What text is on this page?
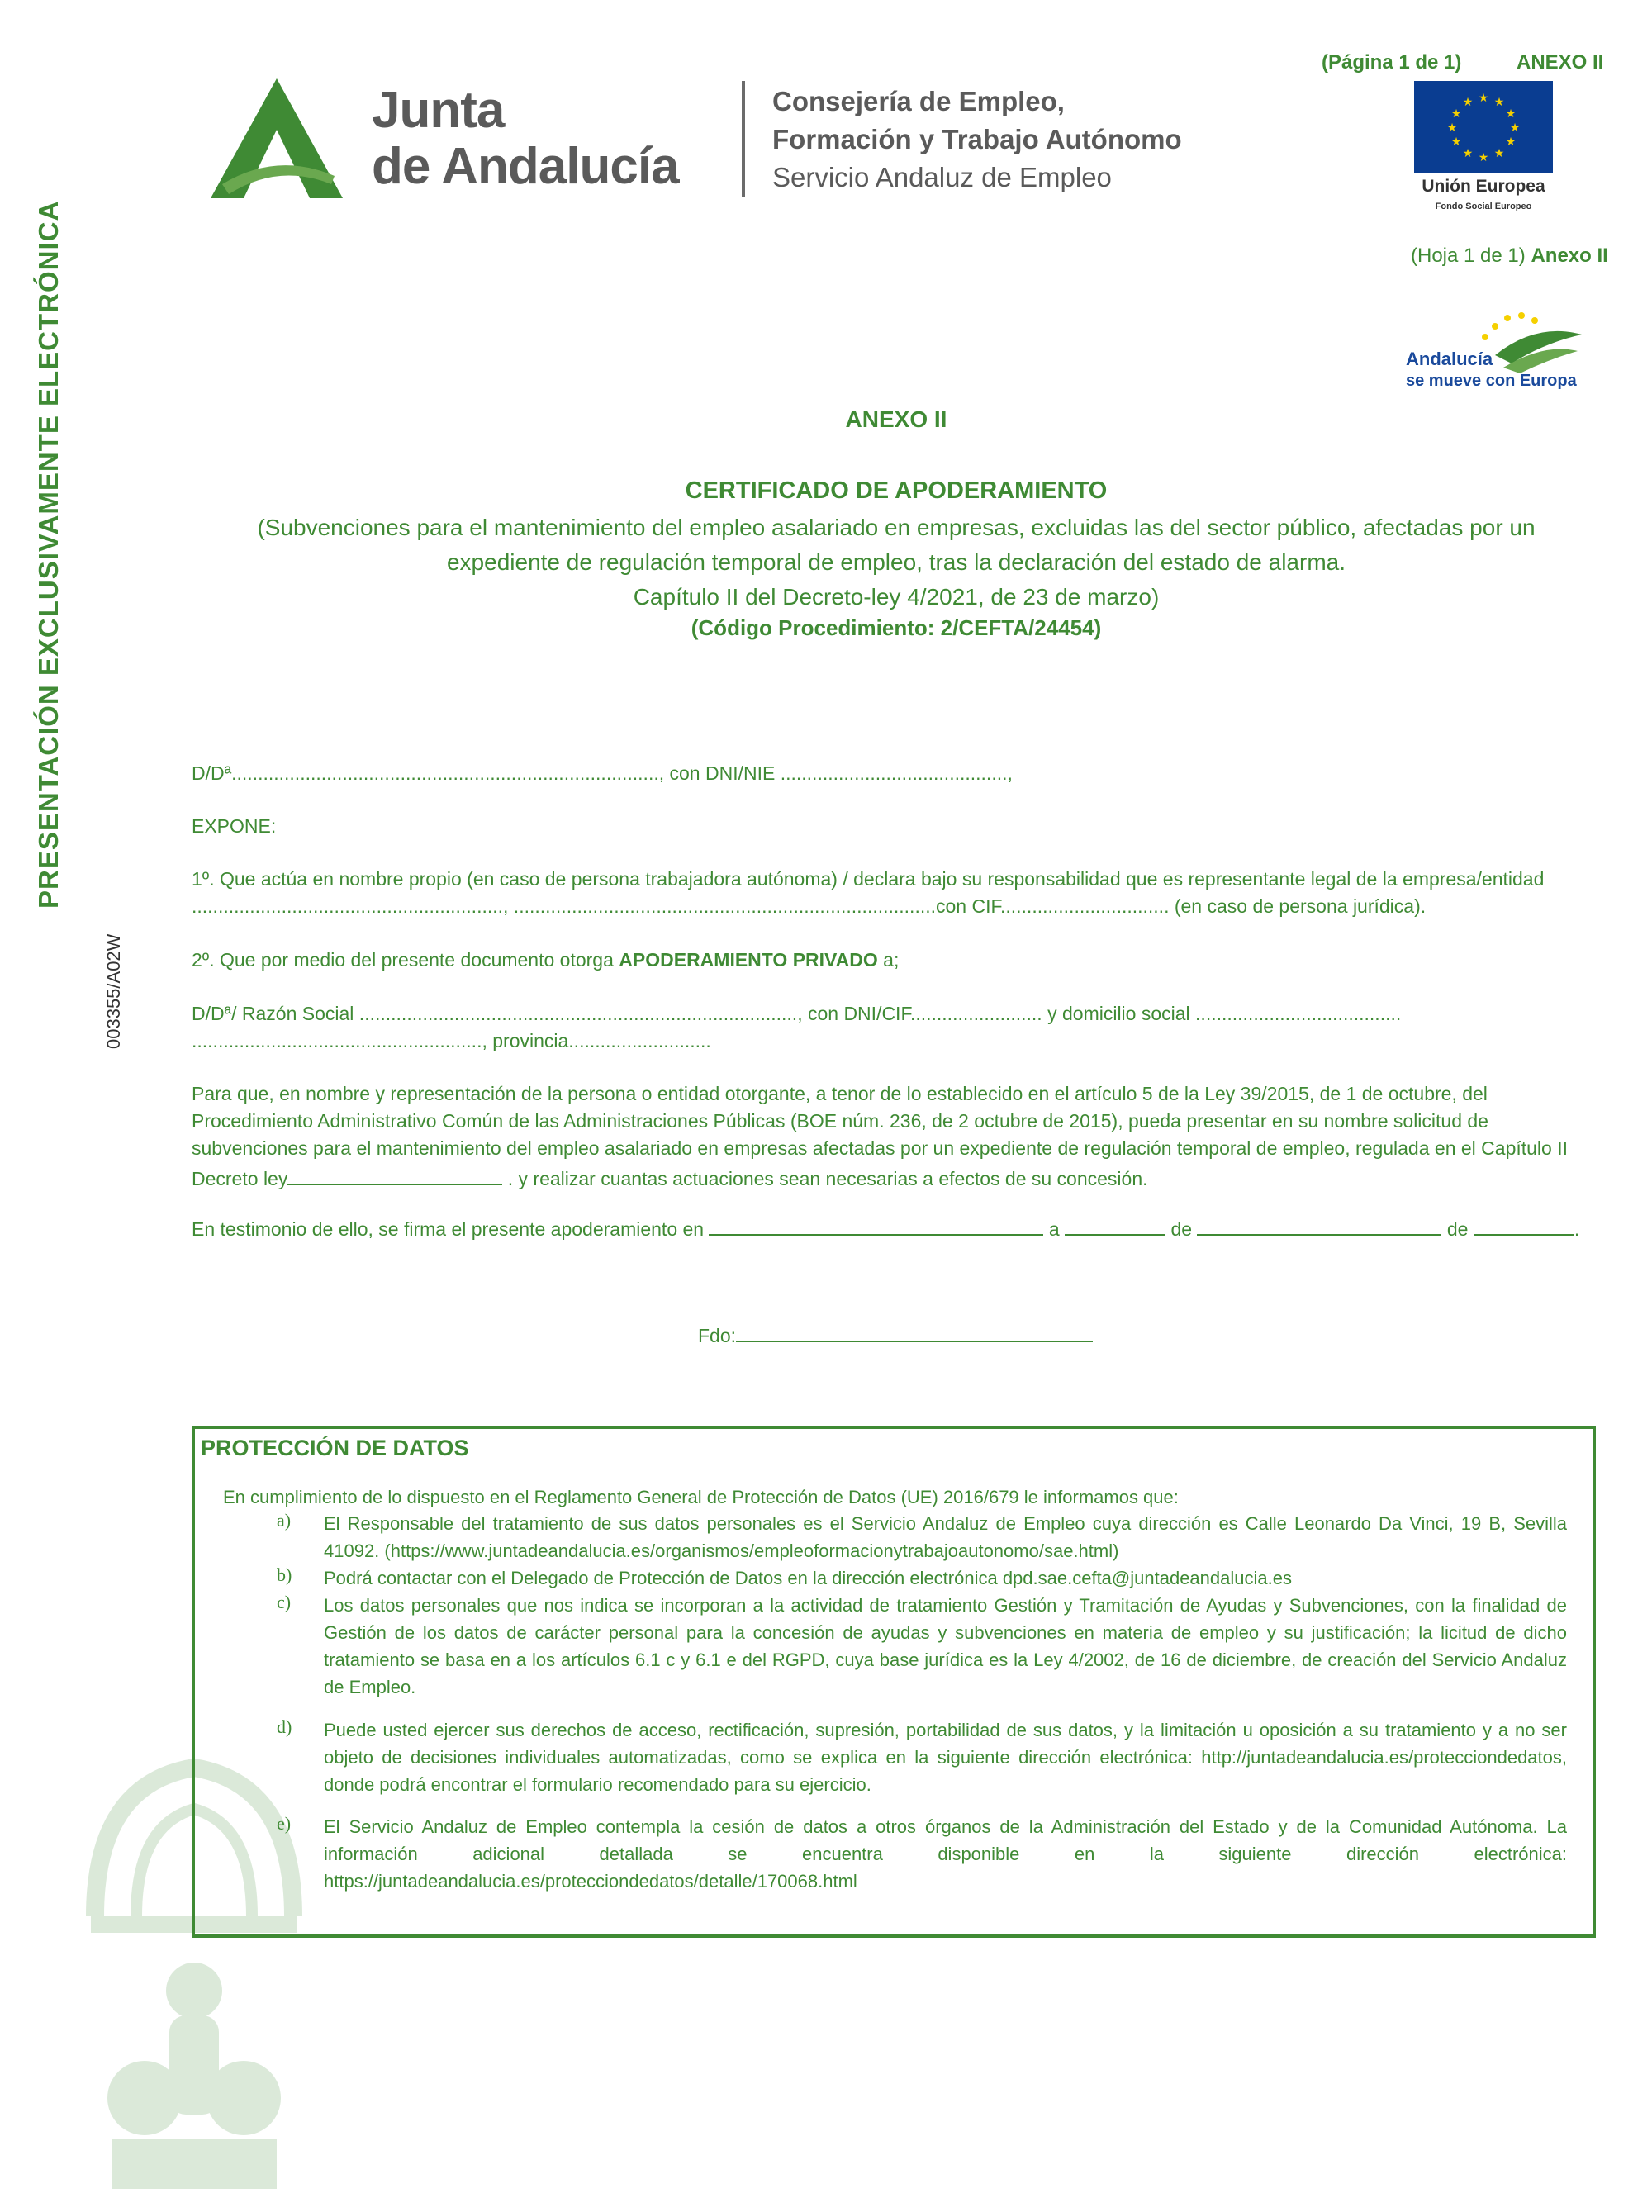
Junta
de Andalucía
Consejería de Empleo,
Formación y Trabajo Autónomo
Servicio Andaluz de Empleo
(Página 1 de 1)	ANEXO II
★ ★
★
★
★
★
★
★
★
★
★
★
Unión Europea
Fondo Social Europeo
(Hoja 1 de 1) Anexo II
Andalucía
se mueve con Europa
PRESENTACIÓN EXCLUSIVAMENTE ELECTRÓNICA
003355/A02W
ANEXO II
CERTIFICADO DE APODERAMIENTO
(Subvenciones para el mantenimiento del empleo asalariado en empresas, excluidas las del sector público, afectadas por un expediente de regulación temporal de empleo, tras la declaración del estado de alarma.
Capítulo II del Decreto-ley 4/2021, de 23 de marzo)
(Código Procedimiento: 2/CEFTA/24454)
D/Dª................................................................................., con DNI/NIE ...........................................,
EXPONE:
1º. Que actúa en nombre propio (en caso de persona trabajadora autónoma) / declara bajo su responsabilidad que es representante legal de la empresa/entidad
..........................................................., ................................................................................con CIF................................ (en caso de persona jurídica).
2º. Que por medio del presente documento otorga APODERAMIENTO PRIVADO a;
D/Dª/ Razón Social ..................................................................................., con DNI/CIF......................... y domicilio social .......................................
......................................................., provincia...........................
Para que, en nombre y representación de la persona o entidad otorgante, a tenor de lo establecido en el artículo 5 de la Ley 39/2015, de 1 de octubre, del Procedimiento Administrativo Común de las Administraciones Públicas (BOE núm. 236, de 2 octubre de 2015), pueda presentar en su nombre solicitud de subvenciones para el mantenimiento del empleo asalariado en empresas afectadas por un expediente de regulación temporal de empleo, regulada en el Capítulo II Decreto ley	. y realizar cuantas actuaciones sean necesarias a efectos de su concesión.
En testimonio de ello, se firma el presente apoderamiento en	a	de	de	.
Fdo:
PROTECCIÓN DE DATOS
En cumplimiento de lo dispuesto en el Reglamento General de Protección de Datos (UE) 2016/679 le informamos que:
a) El Responsable del tratamiento de sus datos personales es el Servicio Andaluz de Empleo cuya dirección es Calle Leonardo Da Vinci, 19 B, Sevilla 41092. (https://www.juntadeandalucia.es/organismos/empleoformacionytrabajoautonomo/sae.html)
b) Podrá contactar con el Delegado de Protección de Datos en la dirección electrónica dpd.sae.cefta@juntadeandalucia.es
c) Los datos personales que nos indica se incorporan a la actividad de tratamiento Gestión y Tramitación de Ayudas y Subvenciones, con la finalidad de Gestión de los datos de carácter personal para la concesión de ayudas y subvenciones en materia de empleo y su justificación; la licitud de dicho tratamiento se basa en a los artículos 6.1 c y 6.1 e del RGPD, cuya base jurídica es la Ley 4/2002, de 16 de diciembre, de creación del Servicio Andaluz de Empleo.
d) Puede usted ejercer sus derechos de acceso, rectificación, supresión, portabilidad de sus datos, y la limitación u oposición a su tratamiento y a no ser objeto de decisiones individuales automatizadas, como se explica en la siguiente dirección electrónica: http://juntadeandalucia.es/protecciondedatos, donde podrá encontrar el formulario recomendado para su ejercicio.
e) El Servicio Andaluz de Empleo contempla la cesión de datos a otros órganos de la Administración del Estado y de la Comunidad Autónoma. La información adicional detallada se encuentra disponible en la siguiente dirección electrónica: https://juntadeandalucia.es/protecciondedatos/detalle/170068.html
